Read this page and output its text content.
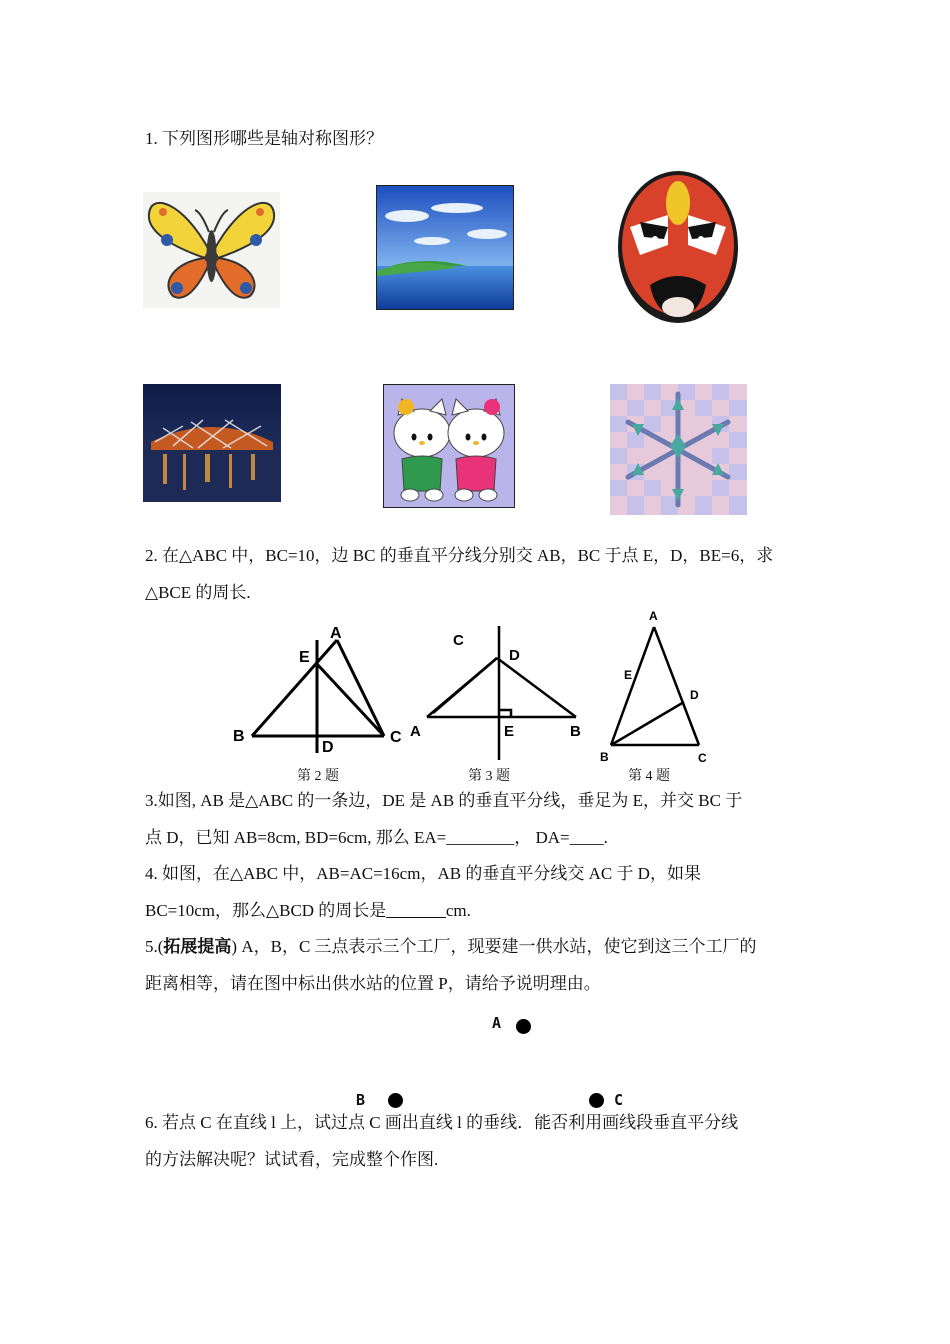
1. 下列图形哪些是轴对称图形？

2. 在△ABC 中，BC=10，边 BC 的垂直平分线分别交 AB，BC 于点 E，D，BE=6，求

△BCE 的周长.

A
E
B
D
C
第 2 题
C
D
A	E	B
第 3 题
A
E
D
B	C
第 4 题

3.如图, AB 是△ABC 的一条边，DE 是 AB 的垂直平分线，垂足为 E，并交 BC 于

点 D，已知 AB=8cm, BD=6cm, 那么 EA=________， DA=____.

4. 如图，在△ABC 中，AB=AC=16cm，AB 的垂直平分线交 AC 于 D，如果

BC=10cm，那么△BCD 的周长是_______cm.

5.(拓展提高) A，B，C 三点表示三个工厂，现要建一供水站，使它到这三个工厂的

距离相等，请在图中标出供水站的位置 P，请给予说明理由。

A
B	C

6. 若点 C 在直线 l 上，试过点 C 画出直线 l 的垂线．能否利用画线段垂直平分线

的方法解决呢？试试看，完成整个作图.
